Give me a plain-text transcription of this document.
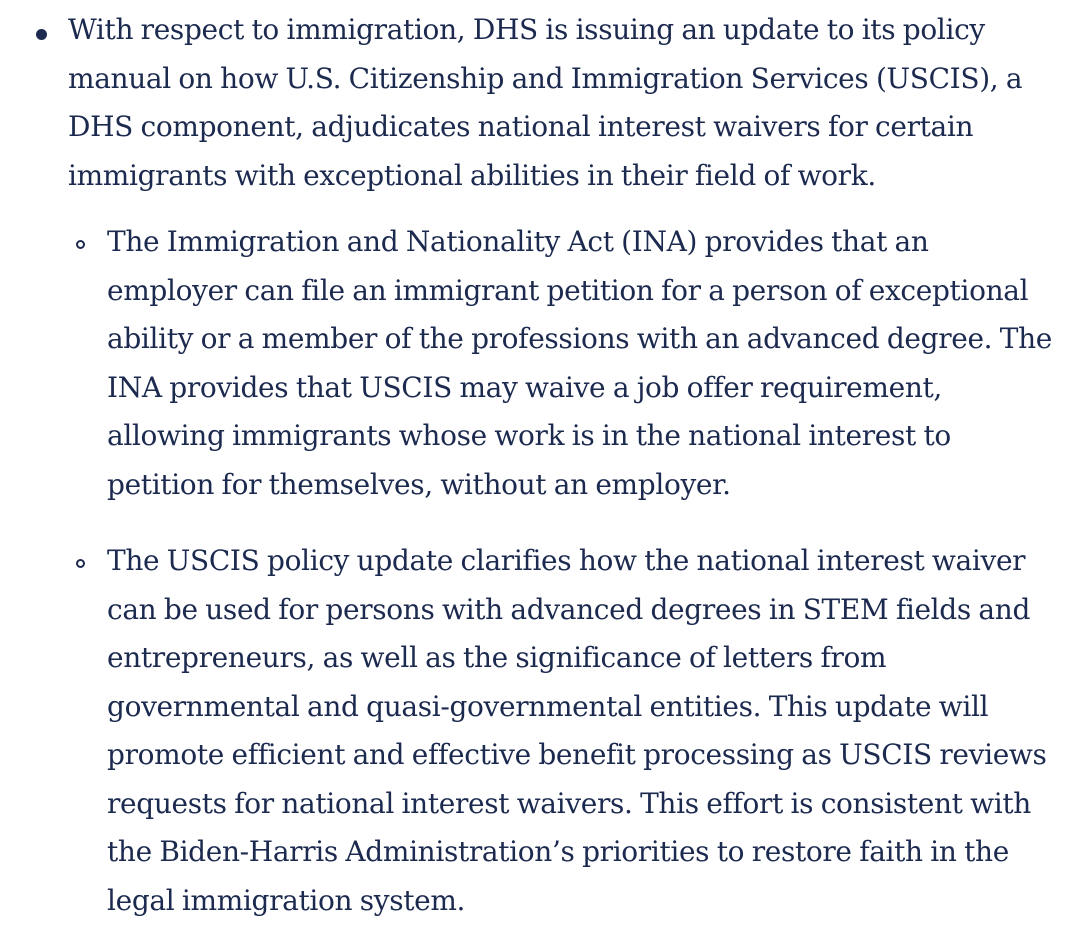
With respect to immigration, DHS is issuing an update to its policy
manual on how U.S. Citizenship and Immigration Services (USCIS), a
DHS component, adjudicates national interest waivers for certain
immigrants with exceptional abilities in their field of work.
The Immigration and Nationality Act (INA) provides that an
employer can file an immigrant petition for a person of exceptional
ability or a member of the professions with an advanced degree. The
INA provides that USCIS may waive a job offer requirement,
allowing immigrants whose work is in the national interest to
petition for themselves, without an employer.
The USCIS policy update clarifies how the national interest waiver
can be used for persons with advanced degrees in STEM fields and
entrepreneurs, as well as the significance of letters from
governmental and quasi-governmental entities. This update will
promote efficient and effective benefit processing as USCIS reviews
requests for national interest waivers. This effort is consistent with
the Biden-Harris Administration’s priorities to restore faith in the
legal immigration system.
